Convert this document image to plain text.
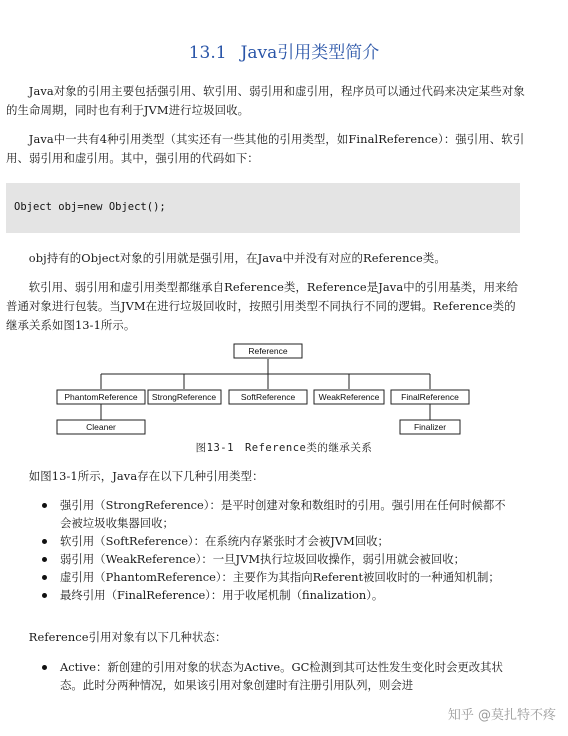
13.1 Java引用类型简介
Java对象的引用主要包括强引用、软引用、弱引用和虚引用，程序员可以通过代码来决定某些对象的生命周期，同时也有利于JVM进行垃圾回收。
Java中一共有4种引用类型（其实还有一些其他的引用类型，如FinalReference）：强引用、软引用、弱引用和虚引用。其中，强引用的代码如下：
Object obj=new Object();
obj持有的Object对象的引用就是强引用，在Java中并没有对应的Reference类。
软引用、弱引用和虚引用类型都继承自Reference类，Reference是Java中的引用基类，用来给普通对象进行包装。当JVM在进行垃圾回收时，按照引用类型不同执行不同的逻辑。Reference类的继承关系如图13-1所示。
Reference
PhantomReference StrongReference	SoftReference	WeakReference	FinalReference
Cleaner	Finalizer
图13-1　Reference类的继承关系
如图13-1所示，Java存在以下几种引用类型：
强引用（StrongReference）：是平时创建对象和数组时的引用。强引用在任何时候都不会被垃圾收集器回收；
软引用（SoftReference）：在系统内存紧张时才会被JVM回收；
弱引用（WeakReference）：一旦JVM执行垃圾回收操作，弱引用就会被回收；
虚引用（PhantomReference）：主要作为其指向Referent被回收时的一种通知机制；
最终引用（FinalReference）：用于收尾机制（finalization）。
Reference引用对象有以下几种状态：
Active：新创建的引用对象的状态为Active。GC检测到其可达性发生变化时会更改其状态。此时分两种情况，如果该引用对象创建时有注册引用队列，则会进
知乎 @莫扎特不疼
